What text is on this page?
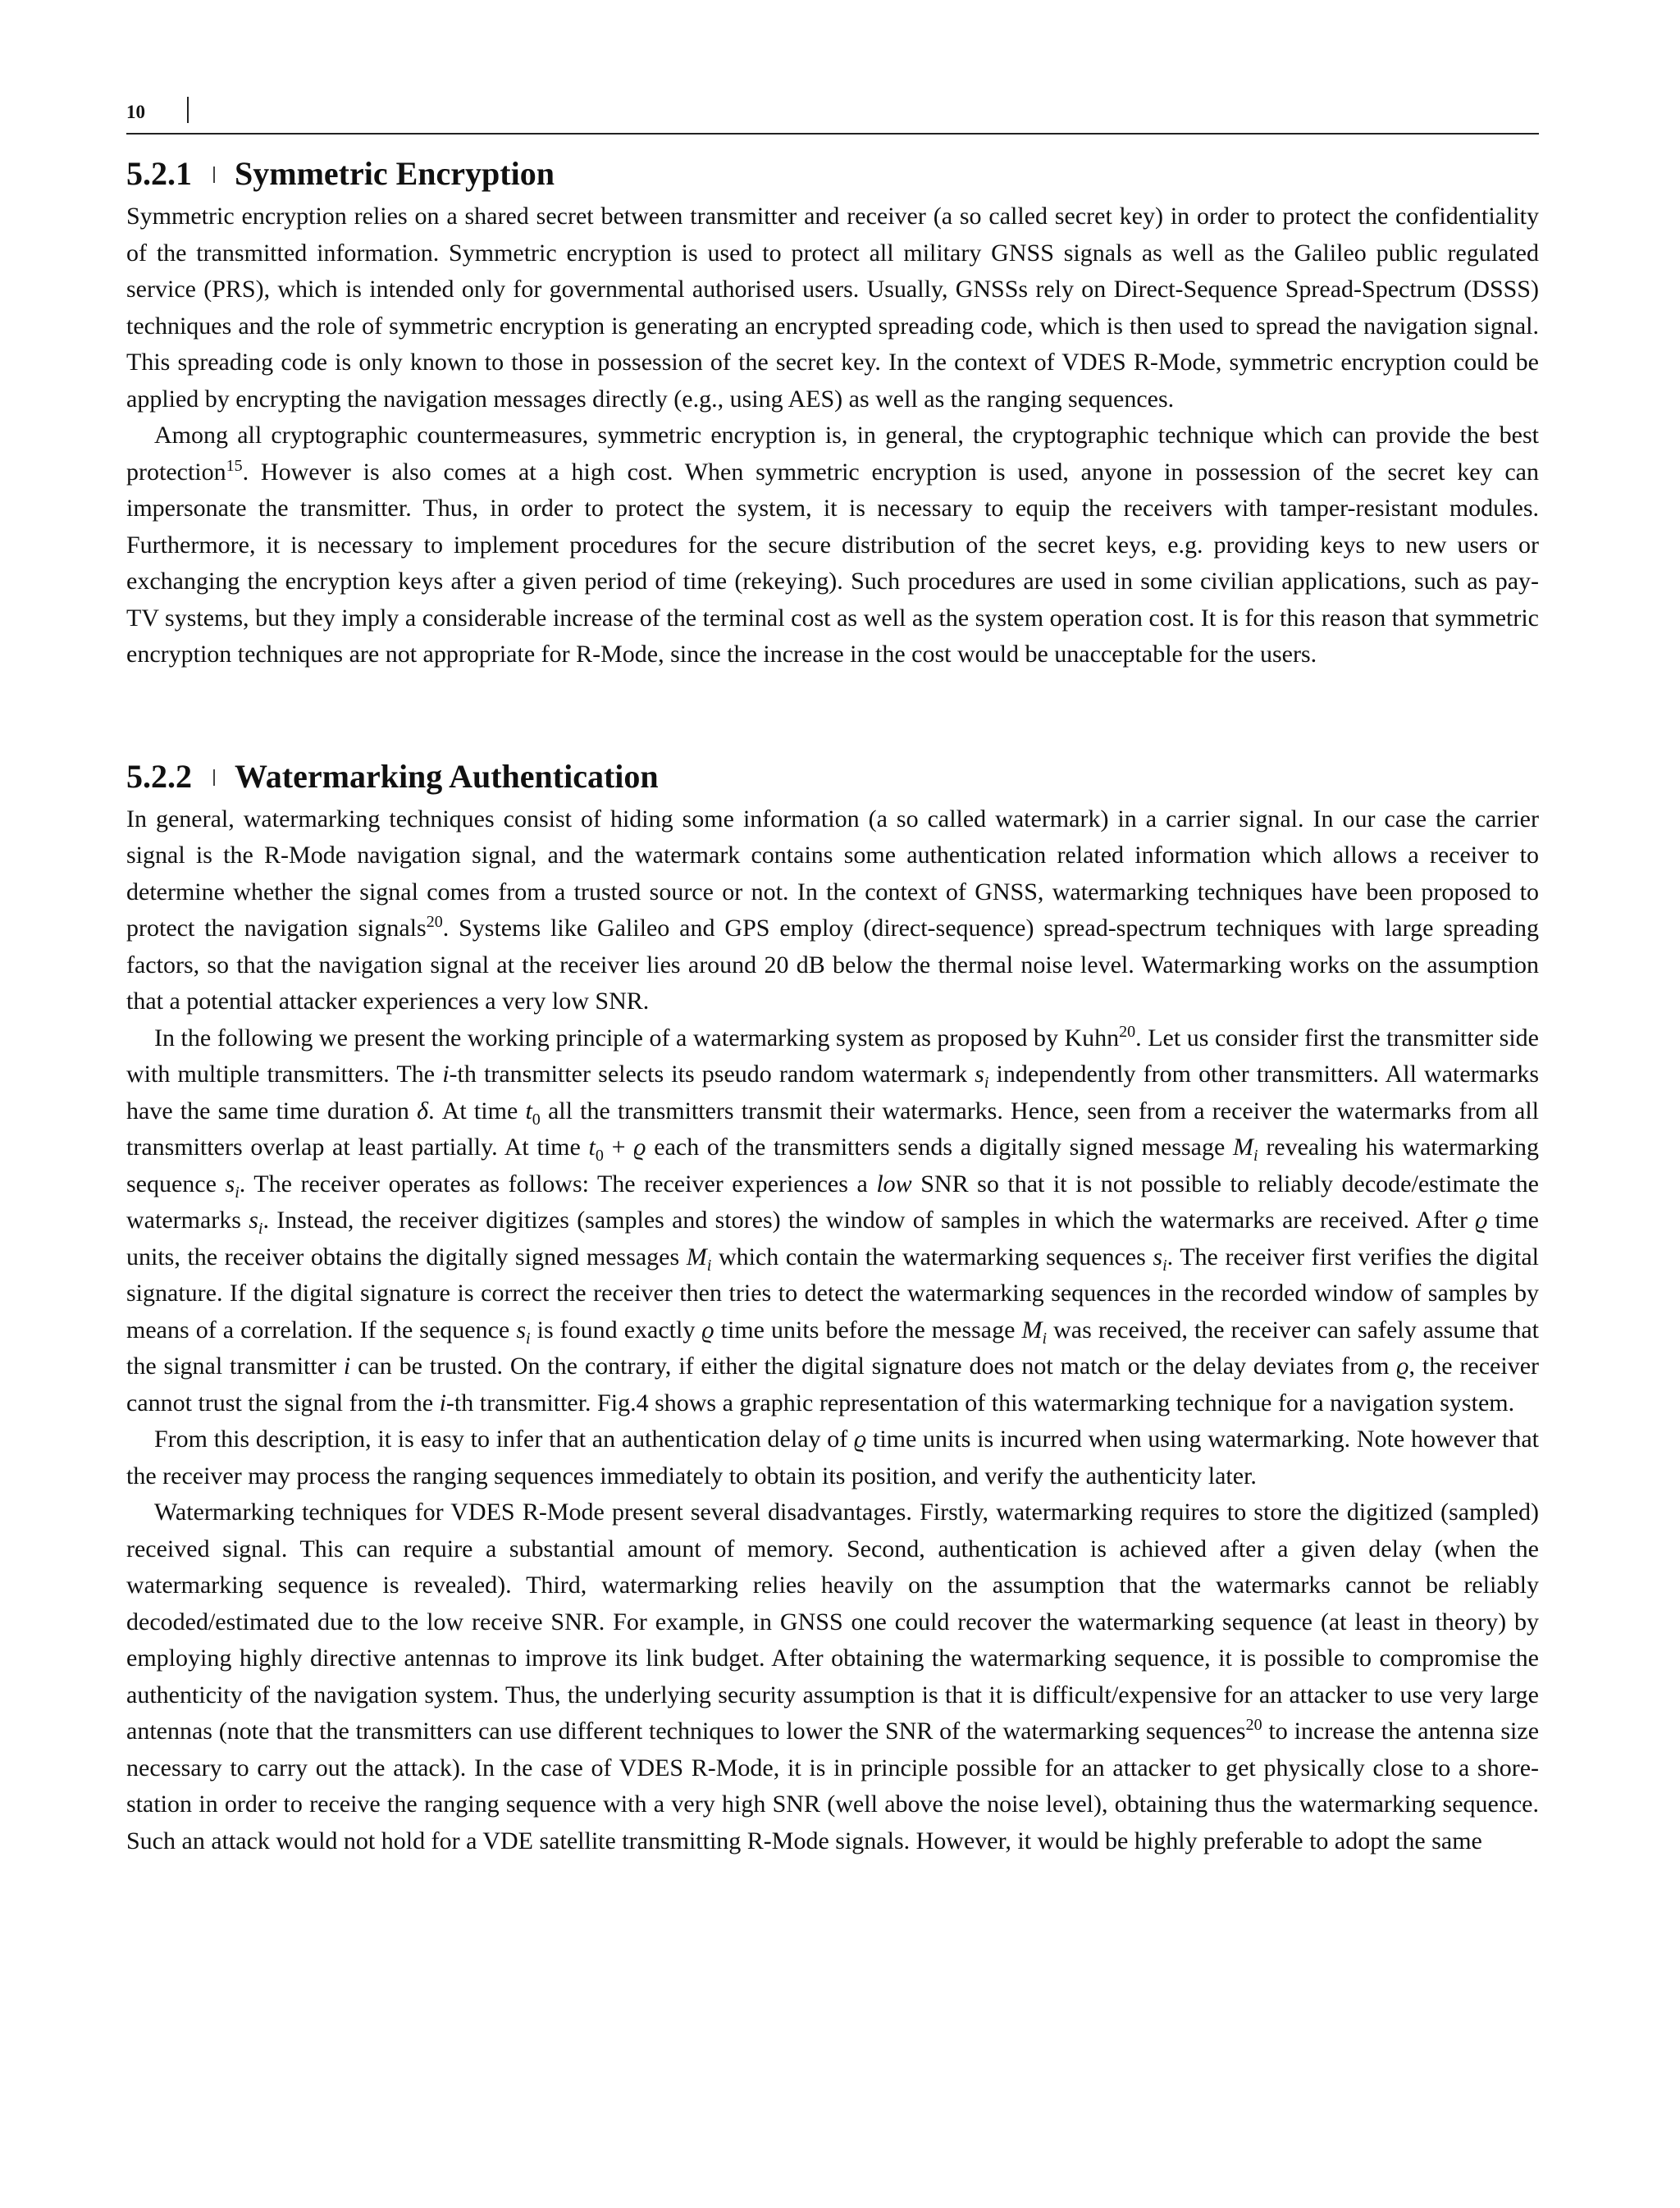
10
5.2.1 Symmetric Encryption

Symmetric encryption relies on a shared secret between transmitter and receiver (a so called secret key) in order to protect the confidentiality of the transmitted information. Symmetric encryption is used to protect all military GNSS signals as well as the Galileo public regulated service (PRS), which is intended only for governmental authorised users. Usually, GNSSs rely on Direct-Sequence Spread-Spectrum (DSSS) techniques and the role of symmetric encryption is generating an encrypted spreading code, which is then used to spread the navigation signal. This spreading code is only known to those in possession of the secret key. In the context of VDES R-Mode, symmetric encryption could be applied by encrypting the navigation messages directly (e.g., using AES) as well as the ranging sequences.

Among all cryptographic countermeasures, symmetric encryption is, in general, the cryptographic technique which can provide the best protection$^{15}$. However is also comes at a high cost. When symmetric encryption is used, anyone in possession of the secret key can impersonate the transmitter. Thus, in order to protect the system, it is necessary to equip the receivers with tamper-resistant modules. Furthermore, it is necessary to implement procedures for the secure distribution of the secret keys, e.g. providing keys to new users or exchanging the encryption keys after a given period of time (rekeying). Such procedures are used in some civilian applications, such as pay-TV systems, but they imply a considerable increase of the terminal cost as well as the system operation cost. It is for this reason that symmetric encryption techniques are not appropriate for R-Mode, since the increase in the cost would be unacceptable for the users.

5.2.2 Watermarking Authentication

In general, watermarking techniques consist of hiding some information (a so called watermark) in a carrier signal. In our case the carrier signal is the R-Mode navigation signal, and the watermark contains some authentication related information which allows a receiver to determine whether the signal comes from a trusted source or not. In the context of GNSS, watermarking techniques have been proposed to protect the navigation signals$^{20}$. Systems like Galileo and GPS employ (direct-sequence) spread-spectrum techniques with large spreading factors, so that the navigation signal at the receiver lies around 20 dB below the thermal noise level. Watermarking works on the assumption that a potential attacker experiences a very low SNR.

In the following we present the working principle of a watermarking system as proposed by Kuhn$^{20}$. Let us consider first the transmitter side with multiple transmitters. The i-th transmitter selects its pseudo random watermark $s_i$ independently from other transmitters. All watermarks have the same time duration δ. At time $t_0$ all the transmitters transmit their watermarks. Hence, seen from a receiver the watermarks from all transmitters overlap at least partially. At time $t_0 + ϱ$ each of the transmitters sends a digitally signed message $M_i$ revealing his watermarking sequence $s_i$. The receiver operates as follows: The receiver experiences a low SNR so that it is not possible to reliably decode/estimate the watermarks $s_i$. Instead, the receiver digitizes (samples and stores) the window of samples in which the watermarks are received. After ϱ time units, the receiver obtains the digitally signed messages $M_i$ which contain the watermarking sequences $s_i$. The receiver first verifies the digital signature. If the digital signature is correct the receiver then tries to detect the watermarking sequences in the recorded window of samples by means of a correlation. If the sequence $s_i$ is found exactly ϱ time units before the message $M_i$ was received, the receiver can safely assume that the signal transmitter i can be trusted. On the contrary, if either the digital signature does not match or the delay deviates from ϱ, the receiver cannot trust the signal from the i-th transmitter. Fig.4 shows a graphic representation of this watermarking technique for a navigation system.

From this description, it is easy to infer that an authentication delay of ϱ time units is incurred when using watermarking. Note however that the receiver may process the ranging sequences immediately to obtain its position, and verify the authenticity later.

Watermarking techniques for VDES R-Mode present several disadvantages. Firstly, watermarking requires to store the digitized (sampled) received signal. This can require a substantial amount of memory. Second, authentication is achieved after a given delay (when the watermarking sequence is revealed). Third, watermarking relies heavily on the assumption that the watermarks cannot be reliably decoded/estimated due to the low receive SNR. For example, in GNSS one could recover the watermarking sequence (at least in theory) by employing highly directive antennas to improve its link budget. After obtaining the watermarking sequence, it is possible to compromise the authenticity of the navigation system. Thus, the underlying security assumption is that it is difficult/expensive for an attacker to use very large antennas (note that the transmitters can use different techniques to lower the SNR of the watermarking sequences$^{20}$ to increase the antenna size necessary to carry out the attack). In the case of VDES R-Mode, it is in principle possible for an attacker to get physically close to a shore-station in order to receive the ranging sequence with a very high SNR (well above the noise level), obtaining thus the watermarking sequence. Such an attack would not hold for a VDE satellite transmitting R-Mode signals. However, it would be highly preferable to adopt the same
